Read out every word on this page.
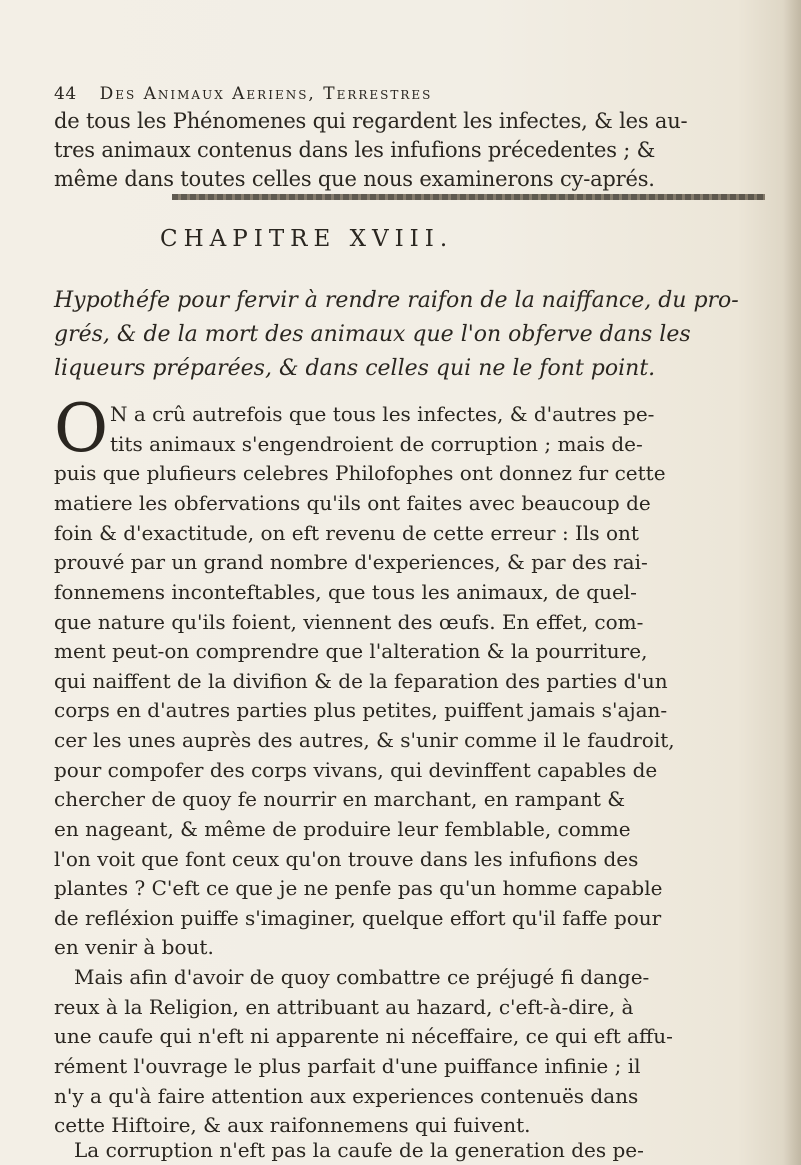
44 Des Animaux Aeriens, Terrestres
de tous les Phénomenes qui regardent les infectes, & les au-
tres animaux contenus dans les infufions précedentes ; &
même dans toutes celles que nous examinerons cy-aprés.
CHAPITRE XVIII.
Hypothéfe pour fervir à rendre raifon de la naiffance, du pro-
grés, & de la mort des animaux que l'on obferve dans les
liqueurs préparées, & dans celles qui ne le font point.
O N a crû autrefois que tous les infectes, & d'autres pe-
tits animaux s'engendroient de corruption ; mais de-
puis que plufieurs celebres Philofophes ont donnez fur cette
matiere les obfervations qu'ils ont faites avec beaucoup de
foin & d'exactitude, on eft revenu de cette erreur : Ils ont
prouvé par un grand nombre d'experiences, & par des rai-
fonnemens inconteftables, que tous les animaux, de quel-
que nature qu'ils foient, viennent des œufs. En effet, com-
ment peut-on comprendre que l'alteration & la pourriture,
qui naiffent de la divifion & de la feparation des parties d'un
corps en d'autres parties plus petites, puiffent jamais s'ajan-
cer les unes auprès des autres, & s'unir comme il le faudroit,
pour compofer des corps vivans, qui devinffent capables de
chercher de quoy fe nourrir en marchant, en rampant &
en nageant, & même de produire leur femblable, comme
l'on voit que font ceux qu'on trouve dans les infufions des
plantes ? C'eft ce que je ne penfe pas qu'un homme capable
de refléxion puiffe s'imaginer, quelque effort qu'il faffe pour
en venir à bout.
Mais afin d'avoir de quoy combattre ce préjugé fi dange-
reux à la Religion, en attribuant au hazard, c'eft-à-dire, à
une caufe qui n'eft ni apparente ni néceffaire, ce qui eft affu-
rément l'ouvrage le plus parfait d'une puiffance infinie ; il
n'y a qu'à faire attention aux experiences contenuës dans
cette Hiftoire, & aux raifonnemens qui fuivent.
La corruption n'eft pas la caufe de la generation des pe-
